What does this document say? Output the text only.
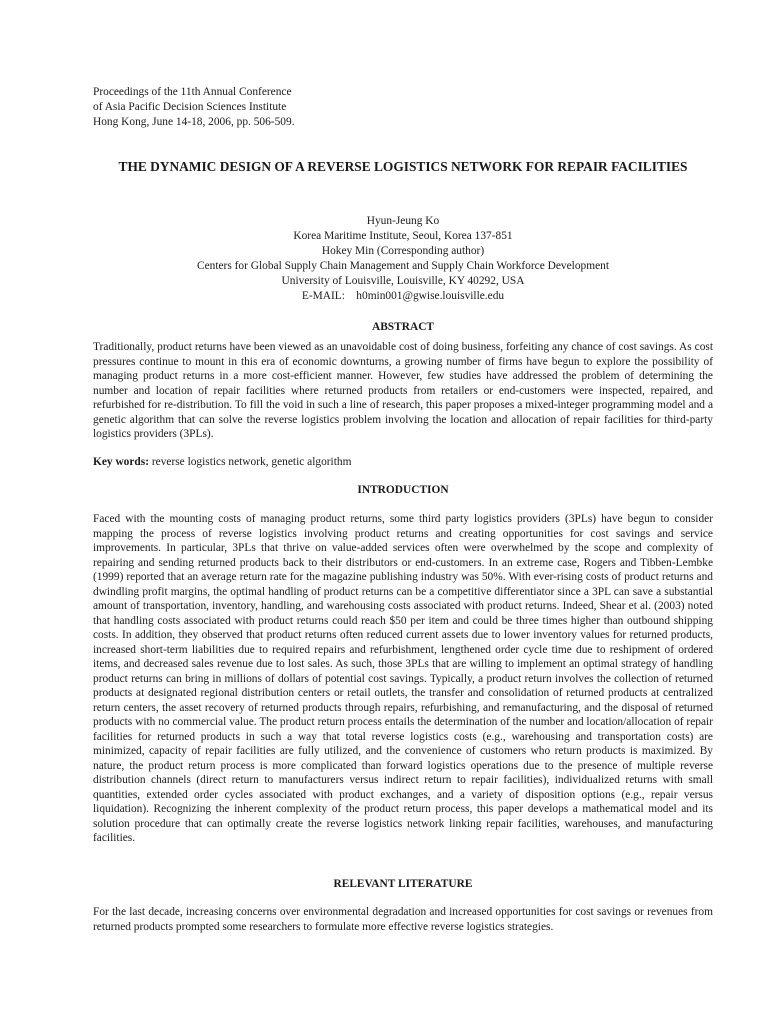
Proceedings of the 11th Annual Conference
of Asia Pacific Decision Sciences Institute
Hong Kong, June 14-18, 2006, pp. 506-509.
THE DYNAMIC DESIGN OF A REVERSE LOGISTICS NETWORK FOR REPAIR FACILITIES
Hyun-Jeung Ko
Korea Maritime Institute, Seoul, Korea 137-851
Hokey Min (Corresponding author)
Centers for Global Supply Chain Management and Supply Chain Workforce Development
University of Louisville, Louisville, KY 40292, USA
E-MAIL:    h0min001@gwise.louisville.edu
ABSTRACT
Traditionally, product returns have been viewed as an unavoidable cost of doing business, forfeiting any chance of cost savings. As cost pressures continue to mount in this era of economic downturns, a growing number of firms have begun to explore the possibility of managing product returns in a more cost-efficient manner. However, few studies have addressed the problem of determining the number and location of repair facilities where returned products from retailers or end-customers were inspected, repaired, and refurbished for re-distribution. To fill the void in such a line of research, this paper proposes a mixed-integer programming model and a genetic algorithm that can solve the reverse logistics problem involving the location and allocation of repair facilities for third-party logistics providers (3PLs).
Key words: reverse logistics network, genetic algorithm
INTRODUCTION
Faced with the mounting costs of managing product returns, some third party logistics providers (3PLs) have begun to consider mapping the process of reverse logistics involving product returns and creating opportunities for cost savings and service improvements. In particular, 3PLs that thrive on value-added services often were overwhelmed by the scope and complexity of repairing and sending returned products back to their distributors or end-customers. In an extreme case, Rogers and Tibben-Lembke (1999) reported that an average return rate for the magazine publishing industry was 50%. With ever-rising costs of product returns and dwindling profit margins, the optimal handling of product returns can be a competitive differentiator since a 3PL can save a substantial amount of transportation, inventory, handling, and warehousing costs associated with product returns. Indeed, Shear et al. (2003) noted that handling costs associated with product returns could reach $50 per item and could be three times higher than outbound shipping costs. In addition, they observed that product returns often reduced current assets due to lower inventory values for returned products, increased short-term liabilities due to required repairs and refurbishment, lengthened order cycle time due to reshipment of ordered items, and decreased sales revenue due to lost sales. As such, those 3PLs that are willing to implement an optimal strategy of handling product returns can bring in millions of dollars of potential cost savings. Typically, a product return involves the collection of returned products at designated regional distribution centers or retail outlets, the transfer and consolidation of returned products at centralized return centers, the asset recovery of returned products through repairs, refurbishing, and remanufacturing, and the disposal of returned products with no commercial value. The product return process entails the determination of the number and location/allocation of repair facilities for returned products in such a way that total reverse logistics costs (e.g., warehousing and transportation costs) are minimized, capacity of repair facilities are fully utilized, and the convenience of customers who return products is maximized. By nature, the product return process is more complicated than forward logistics operations due to the presence of multiple reverse distribution channels (direct return to manufacturers versus indirect return to repair facilities), individualized returns with small quantities, extended order cycles associated with product exchanges, and a variety of disposition options (e.g., repair versus liquidation). Recognizing the inherent complexity of the product return process, this paper develops a mathematical model and its solution procedure that can optimally create the reverse logistics network linking repair facilities, warehouses, and manufacturing facilities.
RELEVANT LITERATURE
For the last decade, increasing concerns over environmental degradation and increased opportunities for cost savings or revenues from returned products prompted some researchers to formulate more effective reverse logistics strategies.
